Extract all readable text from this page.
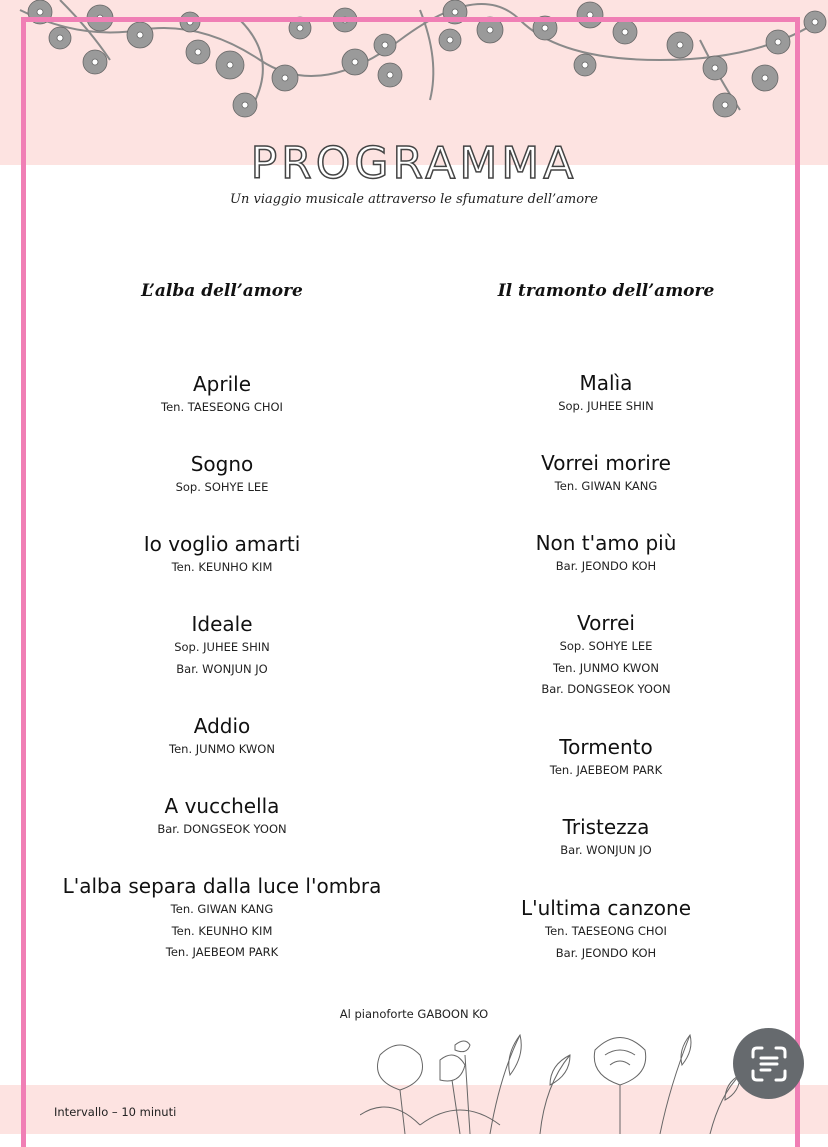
PROGRAMMA
Un viaggio musicale attraverso le sfumature dell’amore
L’alba dell’amore	Il tramonto dell’amore
Aprile
Ten. TAESEONG CHOI
Sogno
Sop. SOHYE LEE
Io voglio amarti
Ten. KEUNHO KIM
Ideale
Sop. JUHEE SHIN
Bar. WONJUN JO
Addio
Ten. JUNMO KWON
A vucchella
Bar. DONGSEOK YOON
L'alba separa dalla luce l'ombra
Ten. GIWAN KANG
Ten. KEUNHO KIM
Ten. JAEBEOM PARK
Malìa
Sop. JUHEE SHIN
Vorrei morire
Ten. GIWAN KANG
Non t'amo più
Bar. JEONDO KOH
Vorrei
Sop. SOHYE LEE
Ten. JUNMO KWON
Bar. DONGSEOK YOON
Tormento
Ten. JAEBEOM PARK
Tristezza
Bar. WONJUN JO
L'ultima canzone
Ten. TAESEONG CHOI
Bar. JEONDO KOH
Al pianoforte GABOON KO
Intervallo – 10 minuti
